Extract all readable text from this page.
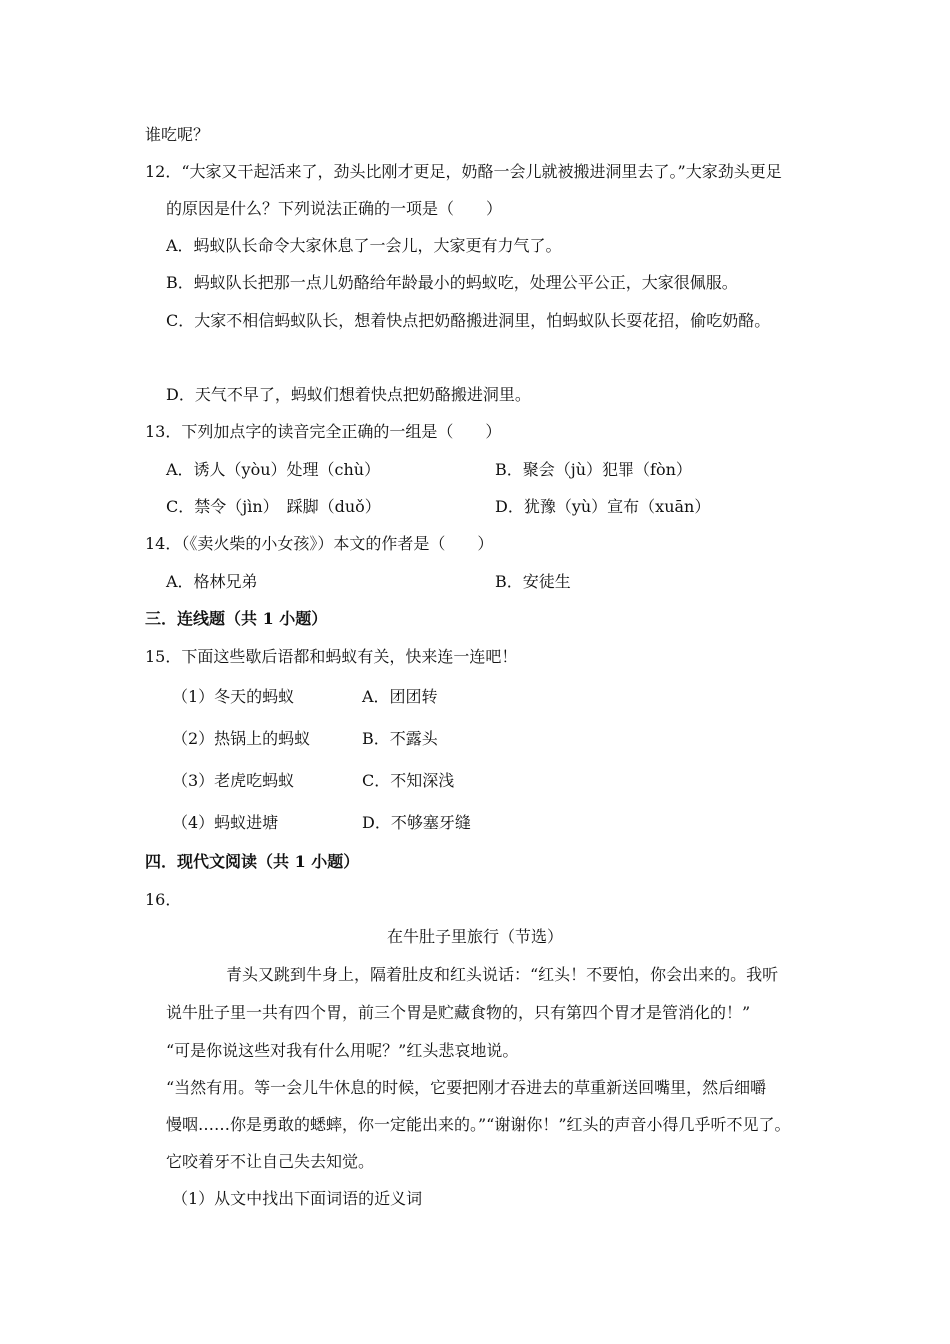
谁吃呢？
12．“大家又干起活来了，劲头比刚才更足，奶酪一会儿就被搬进洞里去了。”大家劲头更足
的原因是什么？下列说法正确的一项是（　　）
A．蚂蚁队长命令大家休息了一会儿，大家更有力气了。
B．蚂蚁队长把那一点儿奶酪给年龄最小的蚂蚁吃，处理公平公正，大家很佩服。
C．大家不相信蚂蚁队长，想着快点把奶酪搬进洞里，怕蚂蚁队长耍花招，偷吃奶酪。
D．天气不早了，蚂蚁们想着快点把奶酪搬进洞里。
13．下列加点字的读音完全正确的一组是（　　）
A．诱人（yòu）处理（chù）	B．聚会（jù）犯罪（fòn）
C．禁令（jìn）　踩脚（duǒ）	D．犹豫（yù）宣布（xuān）
14．（《卖火柴的小女孩》）本文的作者是（　　）
A．格林兄弟	B．安徒生
三．连线题（共 1 小题）
15．下面这些歇后语都和蚂蚁有关，快来连一连吧！
（1）冬天的蚂蚁	A．团团转
（2）热锅上的蚂蚁	B．不露头
（3）老虎吃蚂蚁	C．不知深浅
（4）蚂蚁进塘	D．不够塞牙缝
四．现代文阅读（共 1 小题）
16．
在牛肚子里旅行（节选）
青头又跳到牛身上，隔着肚皮和红头说话：“红头！不要怕，你会出来的。我听
说牛肚子里一共有四个胃，前三个胃是贮藏食物的，只有第四个胃才是管消化的！”
“可是你说这些对我有什么用呢？”红头悲哀地说。
“当然有用。等一会儿牛休息的时候，它要把刚才吞进去的草重新送回嘴里，然后细嚼
慢咽……你是勇敢的蟋蟀，你一定能出来的。”“谢谢你！”红头的声音小得几乎听不见了。
它咬着牙不让自己失去知觉。
（1）从文中找出下面词语的近义词
